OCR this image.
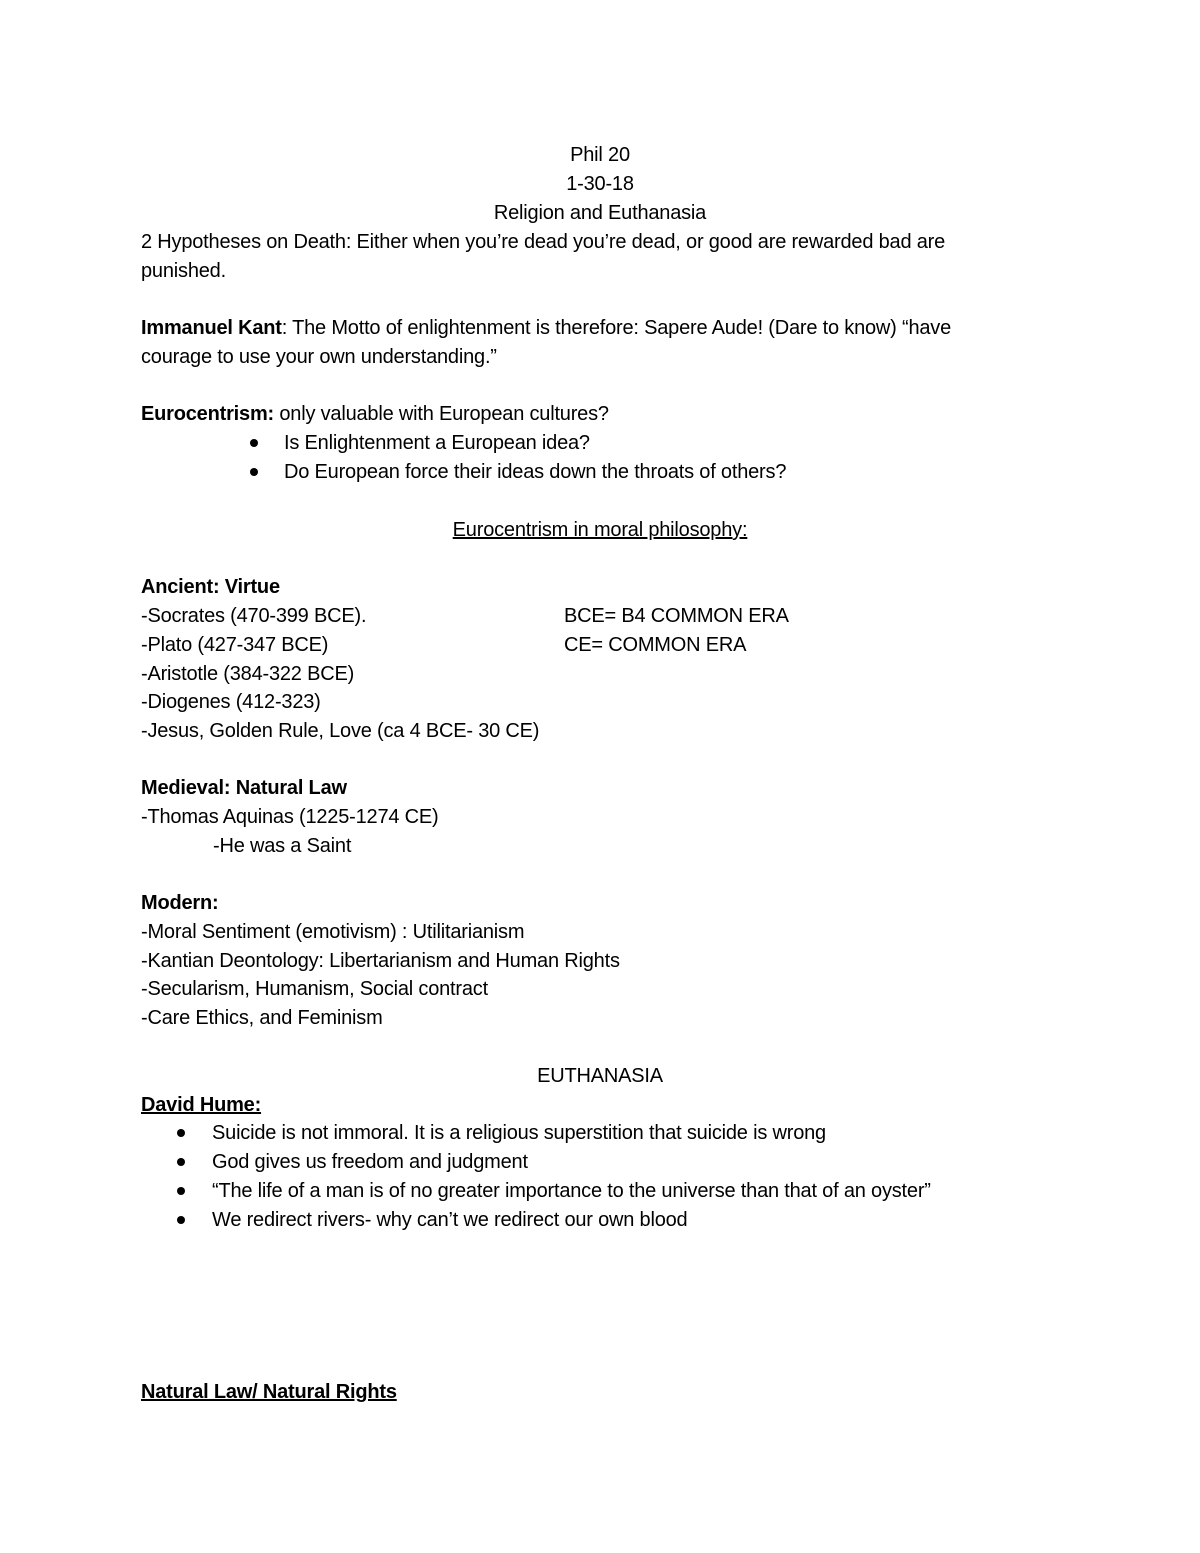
Phil 20
1-30-18
Religion and Euthanasia
2 Hypotheses on Death: Either when you’re dead you’re dead, or good are rewarded bad are
punished.
Immanuel Kant: The Motto of enlightenment is therefore: Sapere Aude! (Dare to know) “have
courage to use your own understanding.”
Eurocentrism: only valuable with European cultures?
Is Enlightenment a European idea?
Do European force their ideas down the throats of others?
Eurocentrism in moral philosophy:
Ancient: Virtue
-Socrates (470-399 BCE).	BCE= B4 COMMON ERA
-Plato (427-347 BCE)	CE= COMMON ERA
-Aristotle (384-322 BCE)
-Diogenes (412-323)
-Jesus, Golden Rule, Love (ca 4 BCE- 30 CE)
Medieval: Natural Law
-Thomas Aquinas (1225-1274 CE)
-He was a Saint
Modern:
-Moral Sentiment (emotivism) : Utilitarianism
-Kantian Deontology: Libertarianism and Human Rights
-Secularism, Humanism, Social contract
-Care Ethics, and Feminism
EUTHANASIA
David Hume:
Suicide is not immoral. It is a religious superstition that suicide is wrong
God gives us freedom and judgment
“The life of a man is of no greater importance to the universe than that of an oyster”
We redirect rivers- why can’t we redirect our own blood
Natural Law/ Natural Rights
